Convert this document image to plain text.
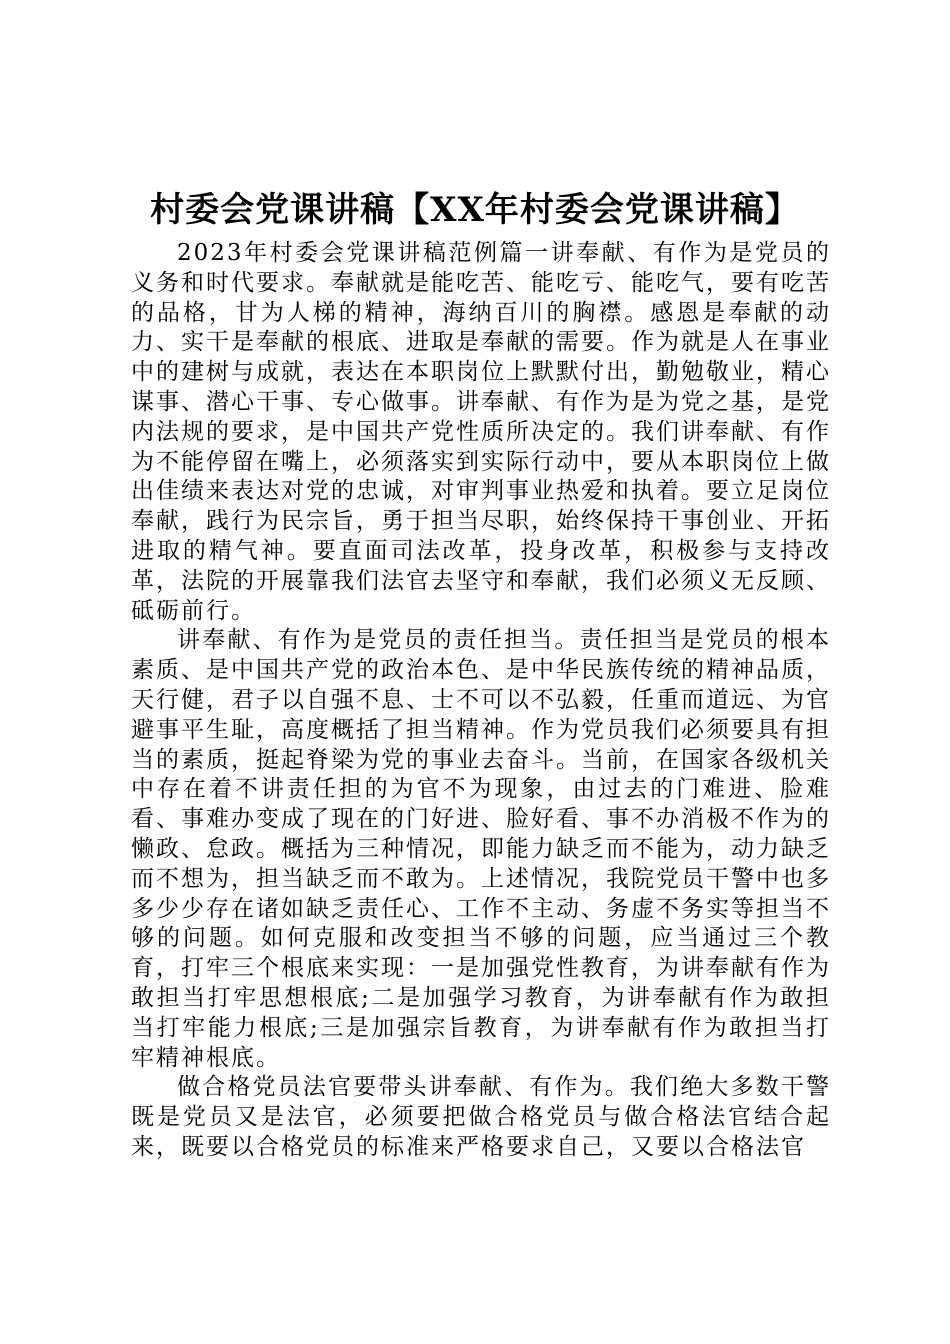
村委会党课讲稿【XX年村委会党课讲稿】

2023年村委会党课讲稿范例篇一讲奉献、有作为是党员的义务和时代要求。奉献就是能吃苦、能吃亏、能吃气，要有吃苦的品格，甘为人梯的精神，海纳百川的胸襟。感恩是奉献的动力、实干是奉献的根底、进取是奉献的需要。作为就是人在事业中的建树与成就，表达在本职岗位上默默付出，勤勉敬业，精心谋事、潜心干事、专心做事。讲奉献、有作为是为党之基，是党内法规的要求，是中国共产党性质所决定的。我们讲奉献、有作为不能停留在嘴上，必须落实到实际行动中，要从本职岗位上做出佳绩来表达对党的忠诚，对审判事业热爱和执着。要立足岗位奉献，践行为民宗旨，勇于担当尽职，始终保持干事创业、开拓进取的精气神。要直面司法改革，投身改革，积极参与支持改革，法院的开展靠我们法官去坚守和奉献，我们必须义无反顾、砥砺前行。

讲奉献、有作为是党员的责任担当。责任担当是党员的根本素质、是中国共产党的政治本色、是中华民族传统的精神品质，天行健，君子以自强不息、士不可以不弘毅，任重而道远、为官避事平生耻，高度概括了担当精神。作为党员我们必须要具有担当的素质，挺起脊梁为党的事业去奋斗。当前，在国家各级机关中存在着不讲责任担的为官不为现象，由过去的门难进、脸难看、事难办变成了现在的门好进、脸好看、事不办消极不作为的懒政、怠政。概括为三种情况，即能力缺乏而不能为，动力缺乏而不想为，担当缺乏而不敢为。上述情况，我院党员干警中也多多少少存在诸如缺乏责任心、工作不主动、务虚不务实等担当不够的问题。如何克服和改变担当不够的问题，应当通过三个教育，打牢三个根底来实现：一是加强党性教育，为讲奉献有作为敢担当打牢思想根底;二是加强学习教育，为讲奉献有作为敢担当打牢能力根底;三是加强宗旨教育，为讲奉献有作为敢担当打牢精神根底。

做合格党员法官要带头讲奉献、有作为。我们绝大多数干警既是党员又是法官，必须要把做合格党员与做合格法官结合起来，既要以合格党员的标准来严格要求自己，又要以合格法官
